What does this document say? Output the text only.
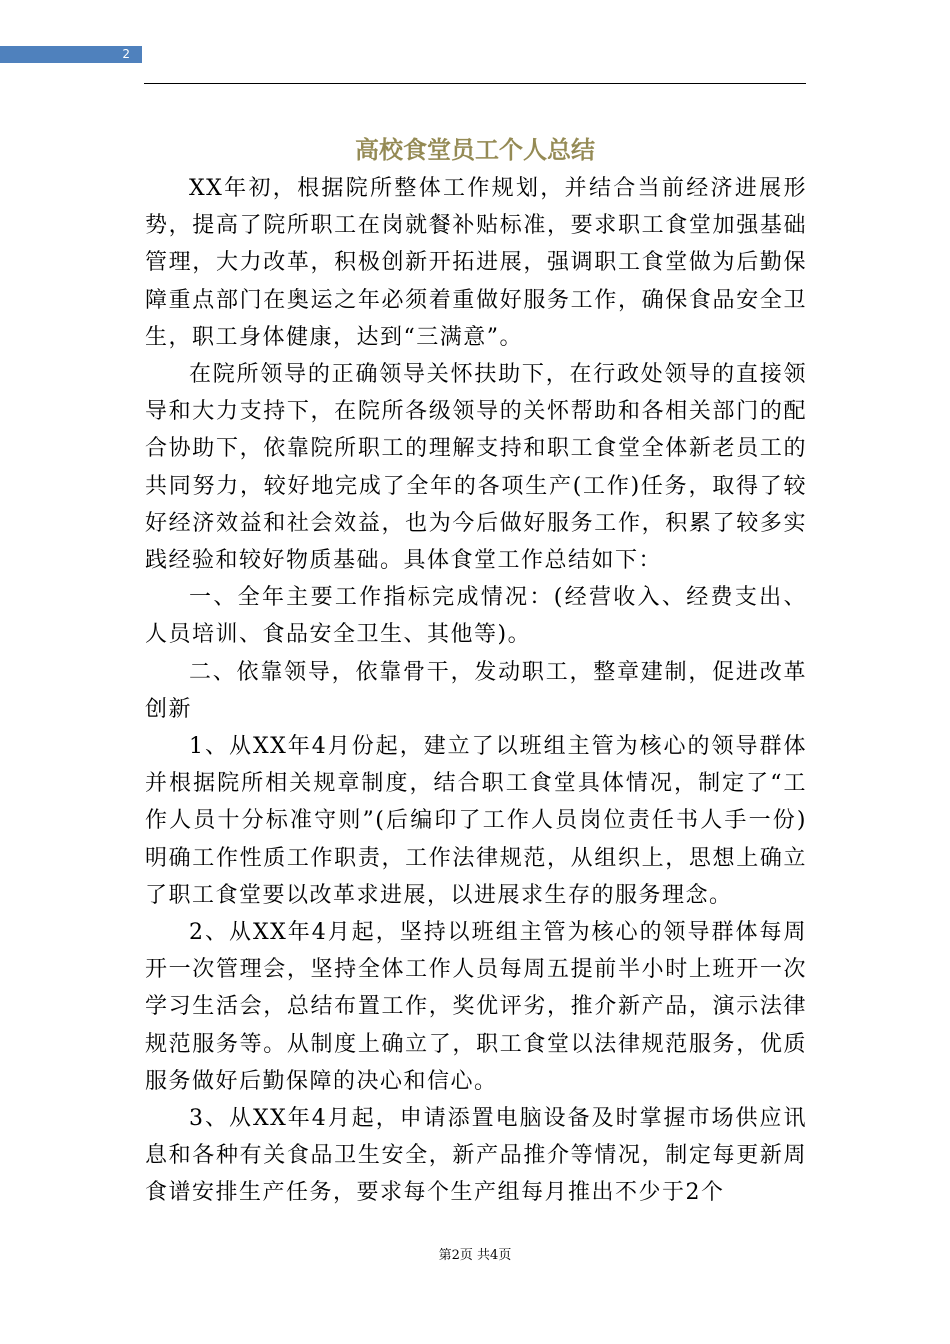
2
高校食堂员工个人总结

XX年初，根据院所整体工作规划，并结合当前经济进展形势，提高了院所职工在岗就餐补贴标准，要求职工食堂加强基础管理，大力改革，积极创新开拓进展，强调职工食堂做为后勤保障重点部门在奥运之年必须着重做好服务工作，确保食品安全卫生，职工身体健康，达到“三满意”。

在院所领导的正确领导关怀扶助下，在行政处领导的直接领导和大力支持下，在院所各级领导的关怀帮助和各相关部门的配合协助下，依靠院所职工的理解支持和职工食堂全体新老员工的共同努力，较好地完成了全年的各项生产(工作)任务，取得了较好经济效益和社会效益，也为今后做好服务工作，积累了较多实践经验和较好物质基础。具体食堂工作总结如下：

一、全年主要工作指标完成情况：(经营收入、经费支出、人员培训、食品安全卫生、其他等)。

二、依靠领导，依靠骨干，发动职工，整章建制，促进改革创新

1、从XX年4月份起，建立了以班组主管为核心的领导群体并根据院所相关规章制度，结合职工食堂具体情况，制定了“工作人员十分标准守则”(后编印了工作人员岗位责任书人手一份)明确工作性质工作职责，工作法律规范，从组织上，思想上确立了职工食堂要以改革求进展，以进展求生存的服务理念。

2、从XX年4月起，坚持以班组主管为核心的领导群体每周开一次管理会，坚持全体工作人员每周五提前半小时上班开一次学习生活会，总结布置工作，奖优评劣，推介新产品，演示法律规范服务等。从制度上确立了，职工食堂以法律规范服务，优质服务做好后勤保障的决心和信心。

3、从XX年4月起，申请添置电脑设备及时掌握市场供应讯息和各种有关食品卫生安全，新产品推介等情况，制定每更新周食谱安排生产任务，要求每个生产组每月推出不少于2个

第2页 共4页
